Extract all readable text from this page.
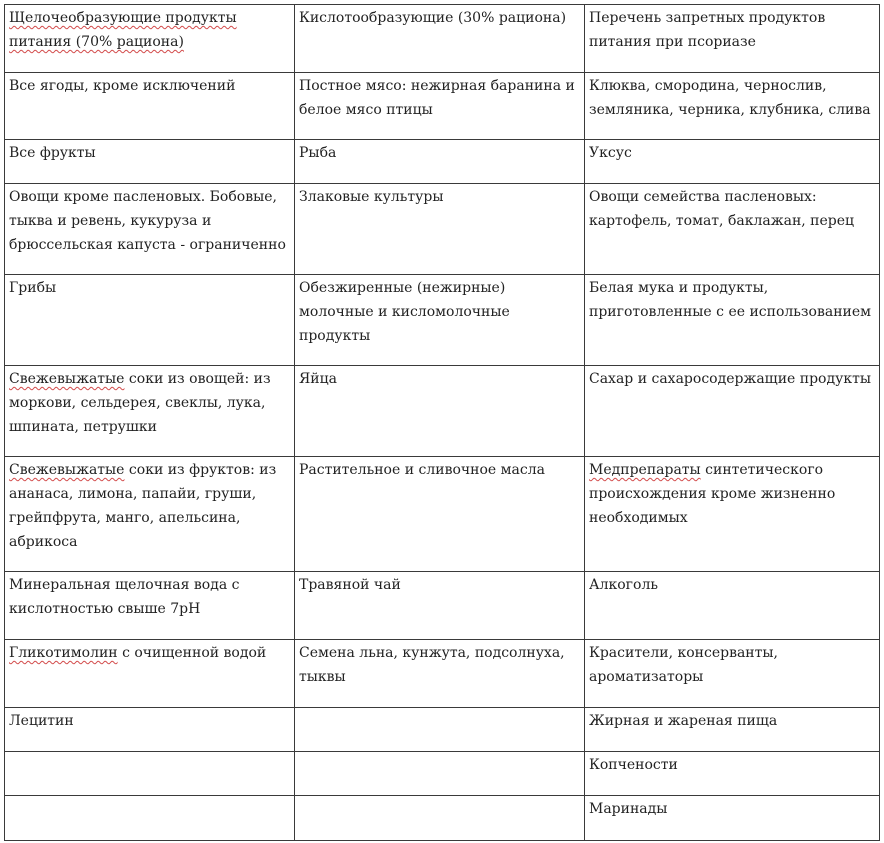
Щелочеобразующие продукты питания (70% рациона)	Кислотообразующие (30% рациона)	Перечень запретных продуктов питания при псориазе
Все ягоды, кроме исключений	Постное мясо: нежирная баранина и белое мясо птицы	Клюква, смородина, чернослив, земляника, черника, клубника, слива
Все фрукты	Рыба	Уксус
Овощи кроме пасленовых. Бобовые, тыква и ревень, кукуруза и брюссельская капуста - ограниченно	Злаковые культуры	Овощи семейства пасленовых: картофель, томат, баклажан, перец
Грибы	Обезжиренные (нежирные) молочные и кисломолочные продукты	Белая мука и продукты, приготовленные с ее использованием
Свежевыжатые соки из овощей: из моркови, сельдерея, свеклы, лука, шпината, петрушки	Яйца	Сахар и сахаросодержащие продукты
Свежевыжатые соки из фруктов: из ананаса, лимона, папайи, груши, грейпфрута, манго, апельсина, абрикоса	Растительное и сливочное масла	Медпрепараты синтетического происхождения кроме жизненно необходимых
Минеральная щелочная вода с кислотностью свыше 7pH	Травяной чай	Алкоголь
Гликотимолин с очищенной водой	Семена льна, кунжута, подсолнуха, тыквы	Красители, консерванты, ароматизаторы
Лецитин		Жирная и жареная пища
		Копчености
		Маринады
